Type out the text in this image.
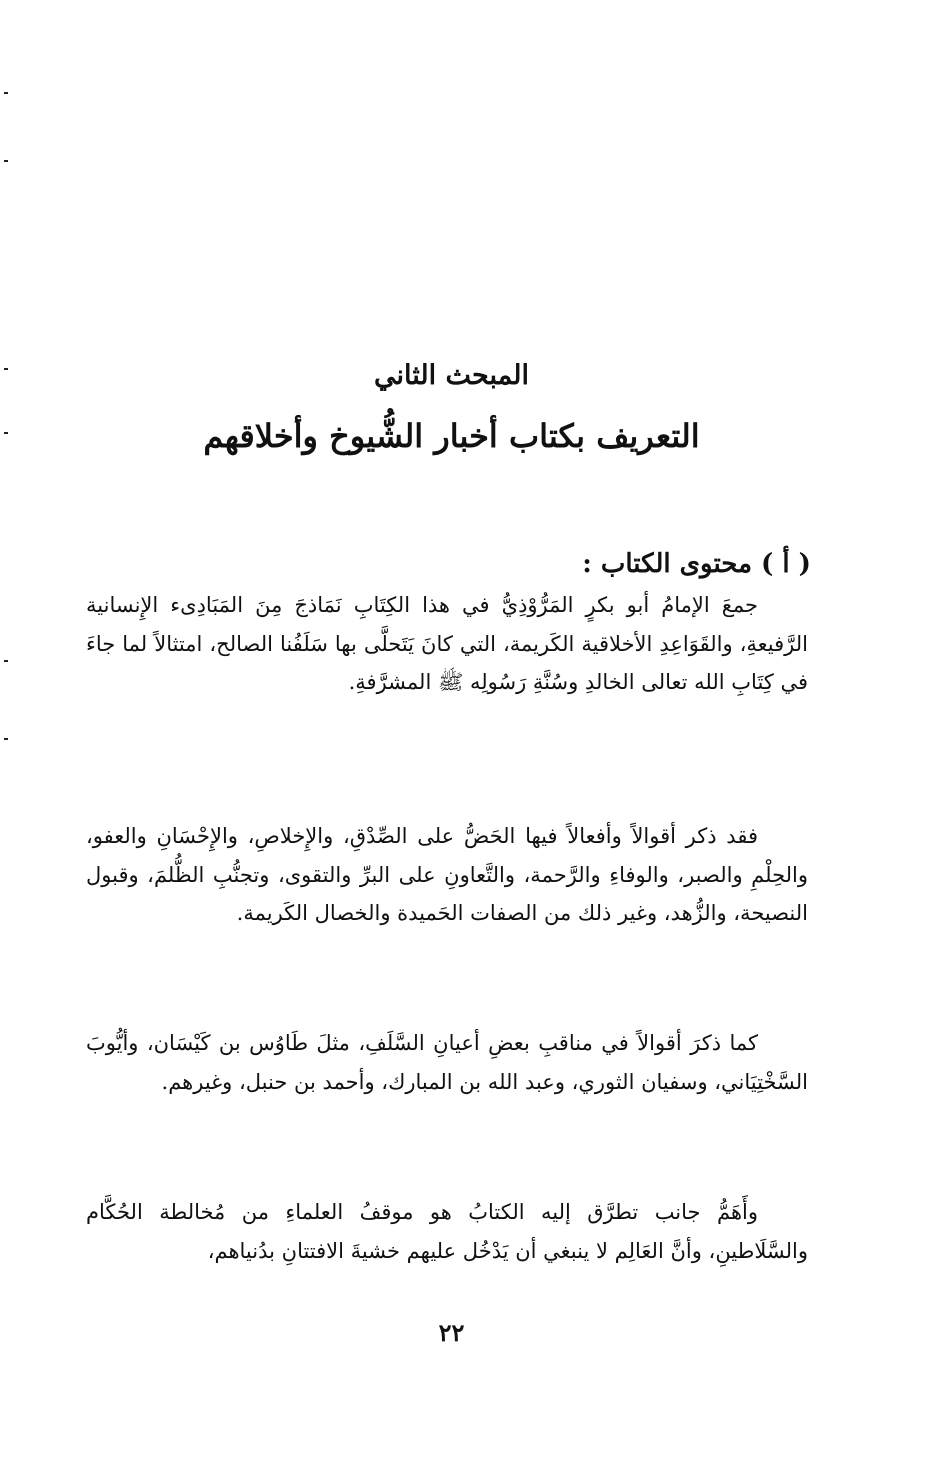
المبحث الثاني
التعريف بكتاب أخبار الشُّيوخ وأخلاقهم
( أ ) محتوى الكتاب :

جمعَ الإمامُ أبو بكرٍ المَرُّوْذِيُّ في هذا الكِتَابِ نَمَاذجَ مِنَ المَبَادِىء الإِنسانية الرَّفيعةِ، والقَوَاعِدِ الأخلاقية الكَريمة، التي كانَ يَتَحلَّى بها سَلَفُنا الصالح، امتثالاً لما جاءَ في كِتَابِ الله تعالى الخالدِ وسُنَّةِ رَسُولِه ﷺ المشرَّفةِ.

فقد ذكر أقوالاً وأفعالاً فيها الحَضُّ على الصِّدْقِ، والإِخلاصِ، والإِحْسَانِ والعفو، والحِلْمِ والصبر، والوفاءِ والرَّحمة، والتَّعاونِ على البرِّ والتقوى، وتجنُّبِ الظُّلمَ، وقبول النصيحة، والزُّهد، وغير ذلك من الصفات الحَميدة والخصال الكَريمة.

كما ذكرَ أقوالاً في مناقبِ بعضِ أعيانِ السَّلَفِ، مثلَ طَاوُس بن كَيْسَان، وأيُّوبَ السَّخْتِيَاني، وسفيان الثوري، وعبد الله بن المبارك، وأحمد بن حنبل، وغيرهم.

وأَهَمُّ جانب تطرَّق إليه الكتابُ هو موقفُ العلماءِ من مُخالطة الحُكَّام والسَّلَاطينِ، وأنَّ العَالِم لا ينبغي أن يَدْخُل عليهم خشيةَ الافتتانِ بدُنياهم،

٢٢
